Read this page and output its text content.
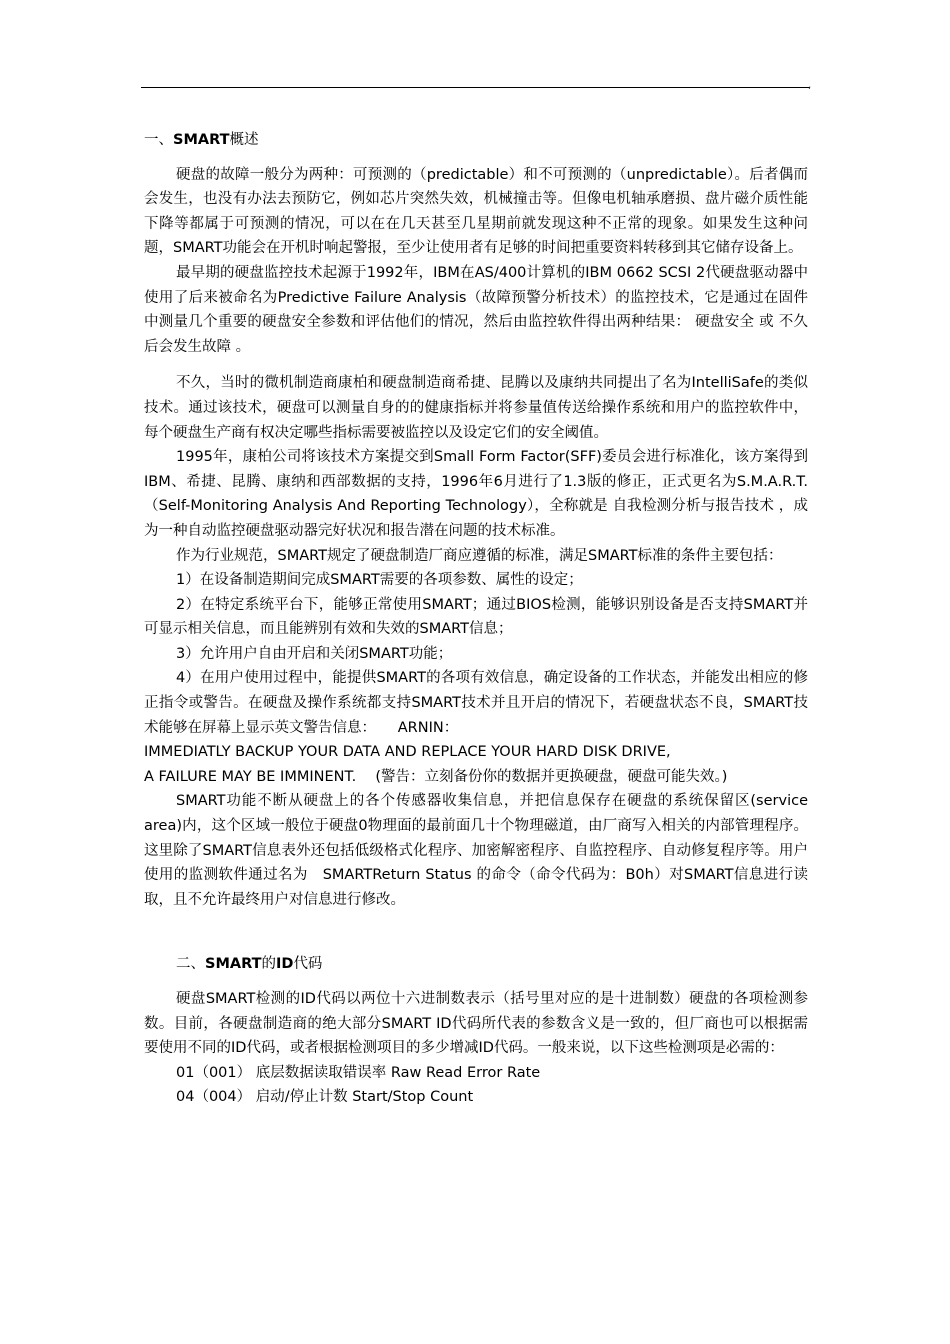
,

一、SMART概述

硬盘的故障一般分为两种：可预测的（predictable）和不可预测的（unpredictable）。后者偶而会发生，也没有办法去预防它，例如芯片突然失效，机械撞击等。但像电机轴承磨损、盘片磁介质性能下降等都属于可预测的情况，可以在在几天甚至几星期前就发现这种不正常的现象。如果发生这种问题，SMART功能会在开机时响起警报，至少让使用者有足够的时间把重要资料转移到其它储存设备上。

最早期的硬盘监控技术起源于1992年，IBM在AS/400计算机的IBM 0662 SCSI 2代硬盘驱动器中使用了后来被命名为Predictive Failure Analysis（故障预警分析技术）的监控技术，它是通过在固件中测量几个重要的硬盘安全参数和评估他们的情况，然后由监控软件得出两种结果： 硬盘安全 或 不久后会发生故障 。

不久，当时的微机制造商康柏和硬盘制造商希捷、昆腾以及康纳共同提出了名为IntelliSafe的类似技术。通过该技术，硬盘可以测量自身的的健康指标并将参量值传送给操作系统和用户的监控软件中，每个硬盘生产商有权决定哪些指标需要被监控以及设定它们的安全阈值。

1995年，康柏公司将该技术方案提交到Small Form Factor(SFF)委员会进行标准化，该方案得到IBM、希捷、昆腾、康纳和西部数据的支持，1996年6月进行了1.3版的修正，正式更名为S.M.A.R.T.（Self-Monitoring Analysis And Reporting Technology），全称就是 自我检测分析与报告技术 ，成为一种自动监控硬盘驱动器完好状况和报告潜在问题的技术标准。

作为行业规范，SMART规定了硬盘制造厂商应遵循的标准，满足SMART标准的条件主要包括：

1）在设备制造期间完成SMART需要的各项参数、属性的设定；

2）在特定系统平台下，能够正常使用SMART；通过BIOS检测，能够识别设备是否支持SMART并可显示相关信息，而且能辨别有效和失效的SMART信息；

3）允许用户自由开启和关闭SMART功能；

4）在用户使用过程中，能提供SMART的各项有效信息，确定设备的工作状态，并能发出相应的修正指令或警告。在硬盘及操作系统都支持SMART技术并且开启的情况下，若硬盘状态不良，SMART技术能够在屏幕上显示英文警告信息：　　ARNIN：

IMMEDIATLY BACKUP YOUR DATA AND REPLACE YOUR HARD DISK DRIVE,

A FAILURE MAY BE IMMINENT.　 (警告：立刻备份你的数据并更换硬盘，硬盘可能失效。)

SMART功能不断从硬盘上的各个传感器收集信息，并把信息保存在硬盘的系统保留区(service area)内，这个区域一般位于硬盘0物理面的最前面几十个物理磁道，由厂商写入相关的内部管理程序。这里除了SMART信息表外还包括低级格式化程序、加密解密程序、自监控程序、自动修复程序等。用户使用的监测软件通过名为　SMARTReturn Status 的命令（命令代码为：B0h）对SMART信息进行读取，且不允许最终用户对信息进行修改。

二、SMART的ID代码

硬盘SMART检测的ID代码以两位十六进制数表示（括号里对应的是十进制数）硬盘的各项检测参数。目前，各硬盘制造商的绝大部分SMART ID代码所代表的参数含义是一致的，但厂商也可以根据需要使用不同的ID代码，或者根据检测项目的多少增减ID代码。一般来说，以下这些检测项是必需的：

01（001） 底层数据读取错误率 Raw Read Error Rate

04（004） 启动/停止计数 Start/Stop Count
